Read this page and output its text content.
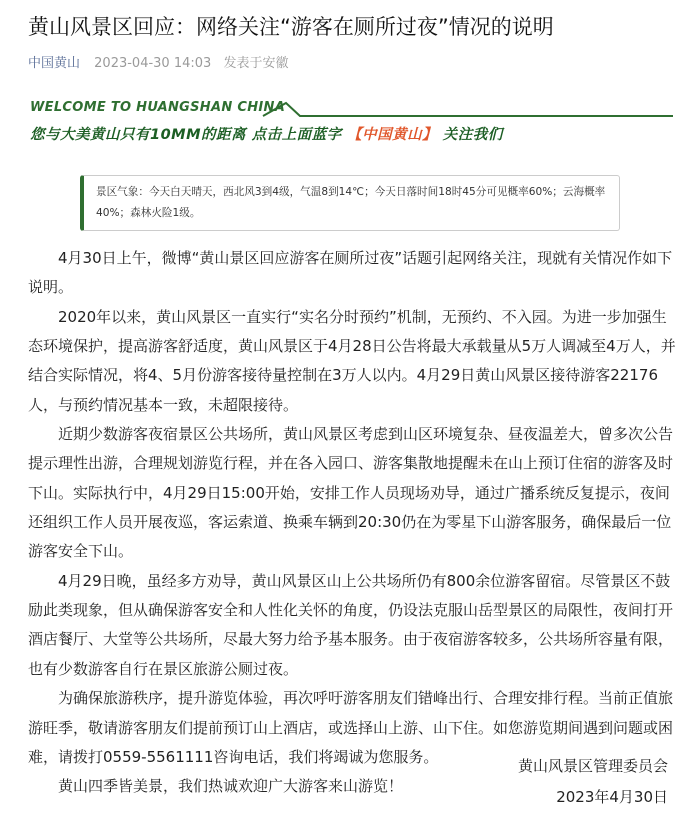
黄山风景区回应：网络关注“游客在厕所过夜”情况的说明
中国黄山 2023-04-30 14:03 发表于安徽
WELCOME TO HUANGSHAN CHINA
您与大美黄山只有10MM的距离 点击上面蓝字 【中国黄山】 关注我们

景区气象：今天白天晴天，西北风3到4级，气温8到14℃；今天日落时间18时45分可见概率60%；云海概率40%；森林火险1级。

4月30日上午，微博“黄山景区回应游客在厕所过夜”话题引起网络关注，现就有关情况作如下说明。

2020年以来，黄山风景区一直实行“实名分时预约”机制，无预约、不入园。为进一步加强生态环境保护，提高游客舒适度，黄山风景区于4月28日公告将最大承载量从5万人调减至4万人，并结合实际情况，将4、5月份游客接待量控制在3万人以内。4月29日黄山风景区接待游客22176人，与预约情况基本一致，未超限接待。

近期少数游客夜宿景区公共场所，黄山风景区考虑到山区环境复杂、昼夜温差大，曾多次公告提示理性出游，合理规划游览行程，并在各入园口、游客集散地提醒未在山上预订住宿的游客及时下山。实际执行中，4月29日15:00开始，安排工作人员现场劝导，通过广播系统反复提示，夜间还组织工作人员开展夜巡，客运索道、换乘车辆到20:30仍在为零星下山游客服务，确保最后一位游客安全下山。

4月29日晚，虽经多方劝导，黄山风景区山上公共场所仍有800余位游客留宿。尽管景区不鼓励此类现象，但从确保游客安全和人性化关怀的角度，仍设法克服山岳型景区的局限性，夜间打开酒店餐厅、大堂等公共场所，尽最大努力给予基本服务。由于夜宿游客较多，公共场所容量有限，也有少数游客自行在景区旅游公厕过夜。

为确保旅游秩序，提升游览体验，再次呼吁游客朋友们错峰出行、合理安排行程。当前正值旅游旺季，敬请游客朋友们提前预订山上酒店，或选择山上游、山下住。如您游览期间遇到问题或困难，请拨打0559-5561111咨询电话，我们将竭诚为您服务。

黄山四季皆美景，我们热诚欢迎广大游客来山游览！

黄山风景区管理委员会
2023年4月30日
